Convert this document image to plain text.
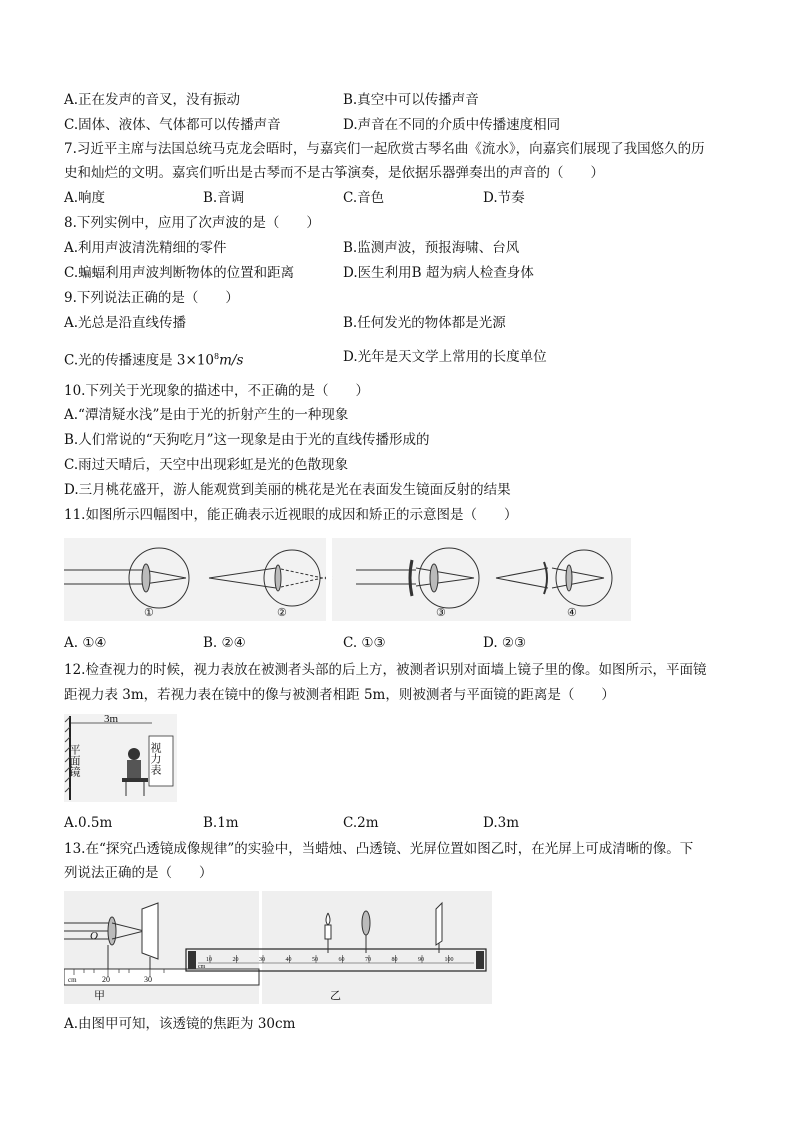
A.正在发声的音叉，没有振动	B.真空中可以传播声音
C.固体、液体、气体都可以传播声音	D.声音在不同的介质中传播速度相同
7.习近平主席与法国总统马克龙会晤时，与嘉宾们一起欣赏古琴名曲《流水》，向嘉宾们展现了我国悠久的历
史和灿烂的文明。嘉宾们听出是古琴而不是古筝演奏，是依据乐器弹奏出的声音的（　　）
A.响度	B.音调	C.音色	D.节奏
8.下列实例中，应用了次声波的是（　　）
A.利用声波清洗精细的零件	B.监测声波，预报海啸、台风
C.蝙蝠利用声波判断物体的位置和距离	D.医生利用B 超为病人检查身体
9.下列说法正确的是（　　）
A.光总是沿直线传播	B.任何发光的物体都是光源
C.光的传播速度是 $3\times 10^8m/s$	D.光年是天文学上常用的长度单位
10.下列关于光现象的描述中，不正确的是（　　）
A.“潭清疑水浅”是由于光的折射产生的一种现象
B.人们常说的“天狗吃月”这一现象是由于光的直线传播形成的
C.雨过天晴后，天空中出现彩虹是光的色散现象
D.三月桃花盛开，游人能观赏到美丽的桃花是光在表面发生镜面反射的结果
11.如图所示四幅图中，能正确表示近视眼的成因和矫正的示意图是（　　）
①	②	③	④
A. ①④	B. ②④	C. ①③	D. ②③
12.检查视力的时候，视力表放在被测者头部的后上方，被测者识别对面墙上镜子里的像。如图所示，平面镜
距视力表 3m，若视力表在镜中的像与被测者相距 5m，则被测者与平面镜的距离是（　　）
3m
平面镜	视力表
A.0.5m	B.1m	C.2m	D.3m
13.在“探究凸透镜成像规律”的实验中，当蜡烛、凸透镜、光屏位置如图乙时，在光屏上可成清晰的像。下
列说法正确的是（　　）
O
cm	20	30
甲
cm
乙
10	20	30	40	50	60	70	80	90	100
A.由图甲可知，该透镜的焦距为 30cm
